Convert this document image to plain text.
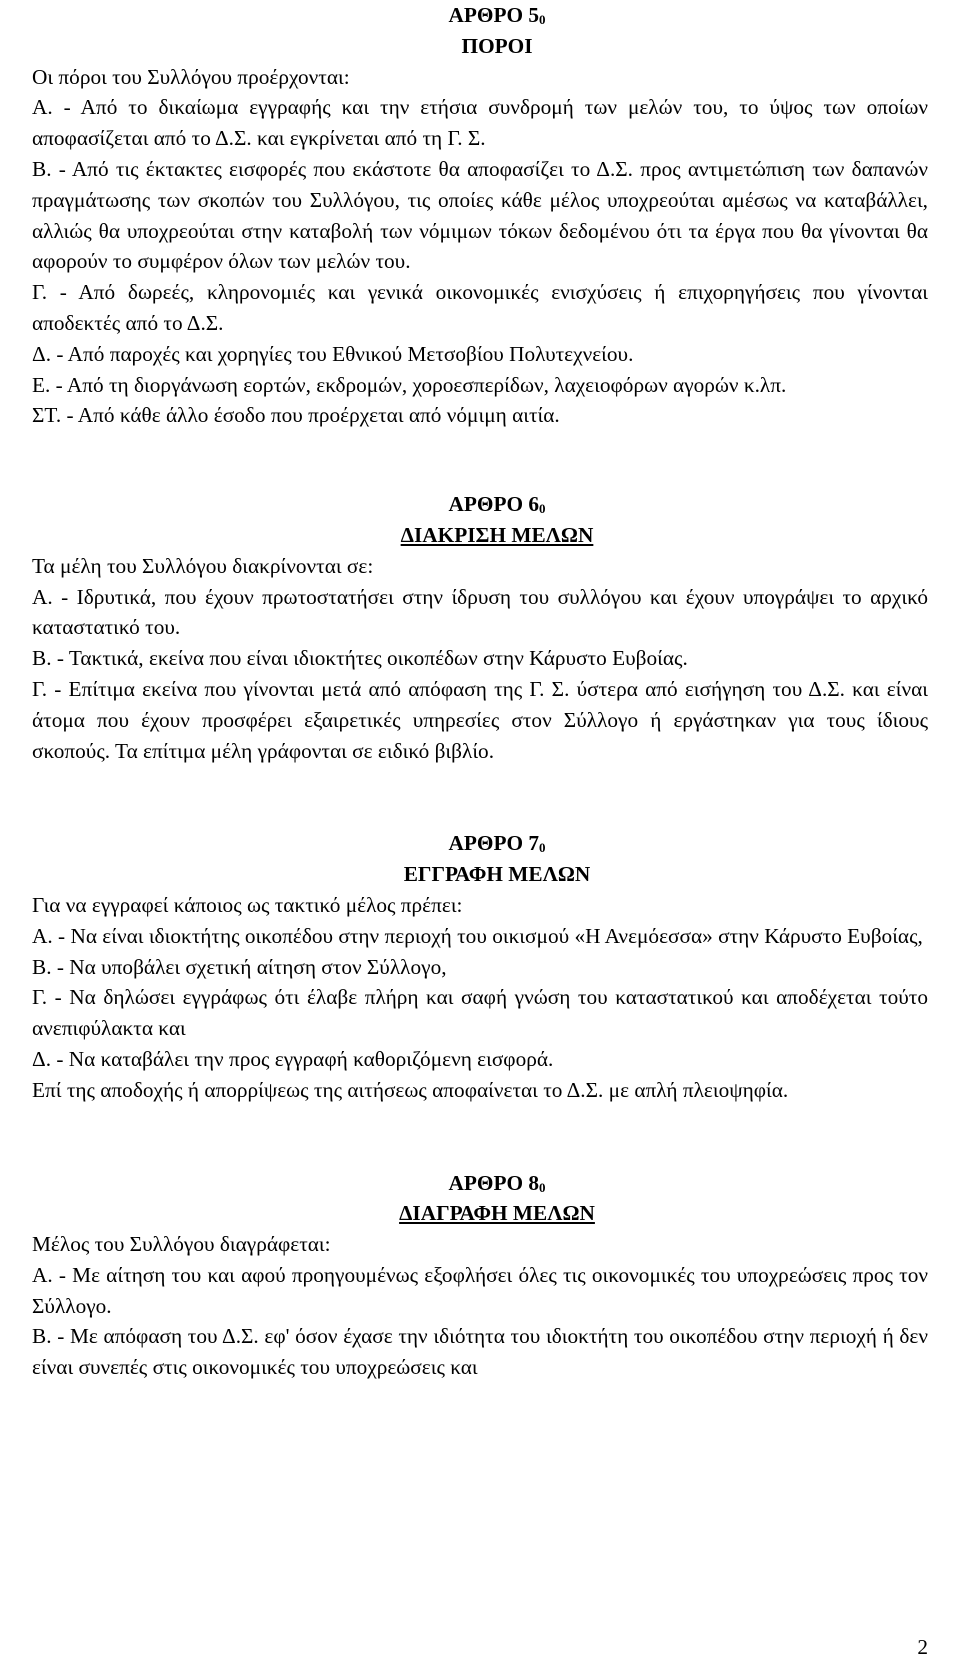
ΑΡΘΡΟ $5_0$

ΠΟΡΟΙ

Οι πόροι του Συλλόγου προέρχονται:

Α. - Από το δικαίωμα εγγραφής και την ετήσια συνδρομή των μελών του, το ύψος των οποίων αποφασίζεται από το Δ.Σ. και εγκρίνεται από τη Γ. Σ.

Β. - Από τις έκτακτες εισφορές που εκάστοτε θα αποφασίζει το Δ.Σ. προς αντιμετώπιση των δαπανών πραγμάτωσης των σκοπών του Συλλόγου, τις οποίες κάθε μέλος υποχρεούται αμέσως να καταβάλλει, αλλιώς θα υποχρεούται στην καταβολή των νόμιμων τόκων δεδομένου ότι τα έργα που θα γίνονται θα αφορούν το συμφέρον όλων των μελών του.

Γ. - Από δωρεές, κληρονομιές και γενικά οικονομικές ενισχύσεις ή επιχορηγήσεις που γίνονται αποδεκτές από το Δ.Σ.

Δ. - Από παροχές και χορηγίες του Εθνικού Μετσοβίου Πολυτεχνείου.

Ε. - Από τη διοργάνωση εορτών, εκδρομών, χοροεσπερίδων, λαχειοφόρων αγορών κ.λπ.

ΣΤ. - Από κάθε άλλο έσοδο που προέρχεται από νόμιμη αιτία.

ΑΡΘΡΟ $6_0$

ΔΙΑΚΡΙΣΗ ΜΕΛΩΝ

Τα μέλη του Συλλόγου διακρίνονται σε:

Α. - Ιδρυτικά, που έχουν πρωτοστατήσει στην ίδρυση του συλλόγου και έχουν υπογράψει το αρχικό καταστατικό του.

Β. - Τακτικά, εκείνα που είναι ιδιοκτήτες οικοπέδων στην Κάρυστο Ευβοίας.

Γ. - Επίτιμα εκείνα που γίνονται μετά από απόφαση της Γ. Σ. ύστερα από εισήγηση του Δ.Σ. και είναι άτομα που έχουν προσφέρει εξαιρετικές υπηρεσίες στον Σύλλογο ή εργάστηκαν για τους ίδιους σκοπούς. Τα επίτιμα μέλη γράφονται σε ειδικό βιβλίο.

ΑΡΘΡΟ $7_0$

ΕΓΓΡΑΦΗ ΜΕΛΩΝ

Για να εγγραφεί κάποιος ως τακτικό μέλος πρέπει:

Α. - Να είναι ιδιοκτήτης οικοπέδου στην περιοχή του οικισμού «Η Ανεμόεσσα» στην Κάρυστο Ευβοίας,

Β. - Να υποβάλει σχετική αίτηση στον Σύλλογο,

Γ. - Να δηλώσει εγγράφως ότι έλαβε πλήρη και σαφή γνώση του καταστατικού και αποδέχεται τούτο ανεπιφύλακτα και

Δ. - Να καταβάλει την προς εγγραφή καθοριζόμενη εισφορά.

Επί της αποδοχής ή απορρίψεως της αιτήσεως αποφαίνεται το Δ.Σ. με απλή πλειοψηφία.

ΑΡΘΡΟ $8_0$

ΔΙΑΓΡΑΦΗ ΜΕΛΩΝ

Μέλος του Συλλόγου διαγράφεται:

Α. - Με αίτηση του και αφού προηγουμένως εξοφλήσει όλες τις οικονομικές του υποχρεώσεις προς τον Σύλλογο.

Β. - Με απόφαση του Δ.Σ. εφ' όσον έχασε την ιδιότητα του ιδιοκτήτη του οικοπέδου στην περιοχή ή δεν είναι συνεπές στις οικονομικές του υποχρεώσεις και

2
